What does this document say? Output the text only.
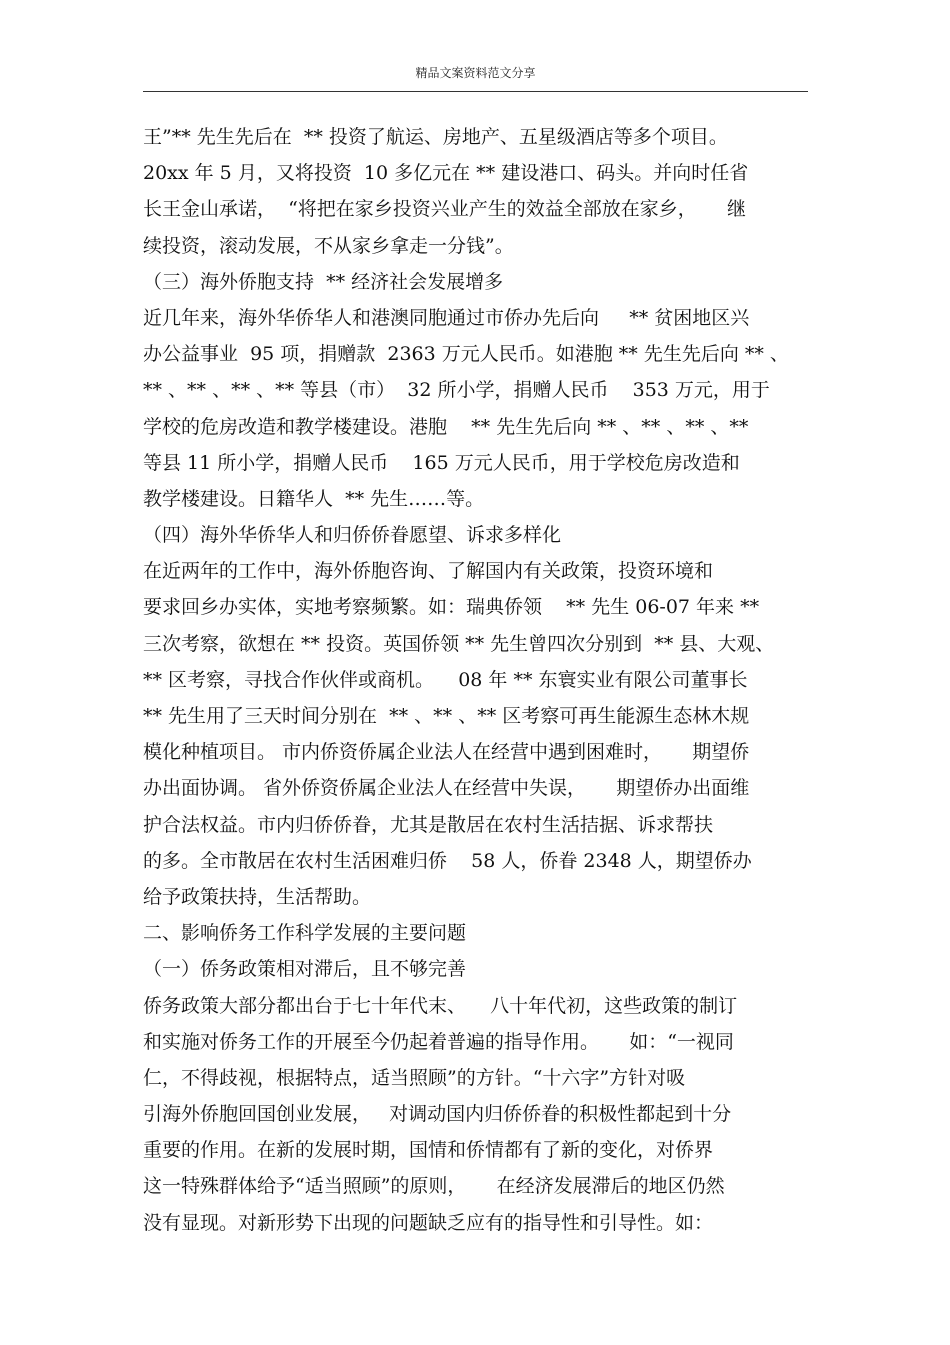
精品文案资料范文分享
王”** 先生先后在  ** 投资了航运、房地产、五星级酒店等多个项目。
20xx 年 5 月，又将投资  10 多亿元在 ** 建设港口、码头。并向时任省
长王金山承诺，  “将把在家乡投资兴业产生的效益全部放在家乡，     继
续投资，滚动发展，不从家乡拿走一分钱”。
（三）海外侨胞支持  ** 经济社会发展增多
近几年来，海外华侨华人和港澳同胞通过市侨办先后向     ** 贫困地区兴
办公益事业  95 项，捐赠款  2363 万元人民币。如港胞 ** 先生先后向 ** 、
** 、** 、** 、** 等县（市）  32 所小学，捐赠人民币    353 万元，用于
学校的危房改造和教学楼建设。港胞    ** 先生先后向 ** 、** 、** 、**
等县 11 所小学，捐赠人民币    165 万元人民币，用于学校危房改造和
教学楼建设。日籍华人  ** 先生……等。
（四）海外华侨华人和归侨侨眷愿望、诉求多样化
在近两年的工作中，海外侨胞咨询、了解国内有关政策，投资环境和
要求回乡办实体，实地考察频繁。如：瑞典侨领    ** 先生 06-07 年来 **
三次考察，欲想在 ** 投资。英国侨领 ** 先生曾四次分别到  ** 县、大观、
** 区考察，寻找合作伙伴或商机。    08 年 ** 东寰实业有限公司董事长
** 先生用了三天时间分别在  ** 、** 、** 区考察可再生能源生态林木规
模化种植项目。 市内侨资侨属企业法人在经营中遇到困难时，     期望侨
办出面协调。 省外侨资侨属企业法人在经营中失误，     期望侨办出面维
护合法权益。市内归侨侨眷，尤其是散居在农村生活拮据、诉求帮扶
的多。全市散居在农村生活困难归侨    58 人，侨眷 2348 人，期望侨办
给予政策扶持，生活帮助。
二、影响侨务工作科学发展的主要问题
（一）侨务政策相对滞后，且不够完善
侨务政策大部分都出台于七十年代末、    八十年代初，这些政策的制订
和实施对侨务工作的开展至今仍起着普遍的指导作用。     如：“一视同
仁，不得歧视，根据特点，适当照顾”的方针。“十六字”方针对吸
引海外侨胞回国创业发展，   对调动国内归侨侨眷的积极性都起到十分
重要的作用。在新的发展时期，国情和侨情都有了新的变化，对侨界
这一特殊群体给予“适当照顾”的原则，     在经济发展滞后的地区仍然
没有显现。对新形势下出现的问题缺乏应有的指导性和引导性。如：
